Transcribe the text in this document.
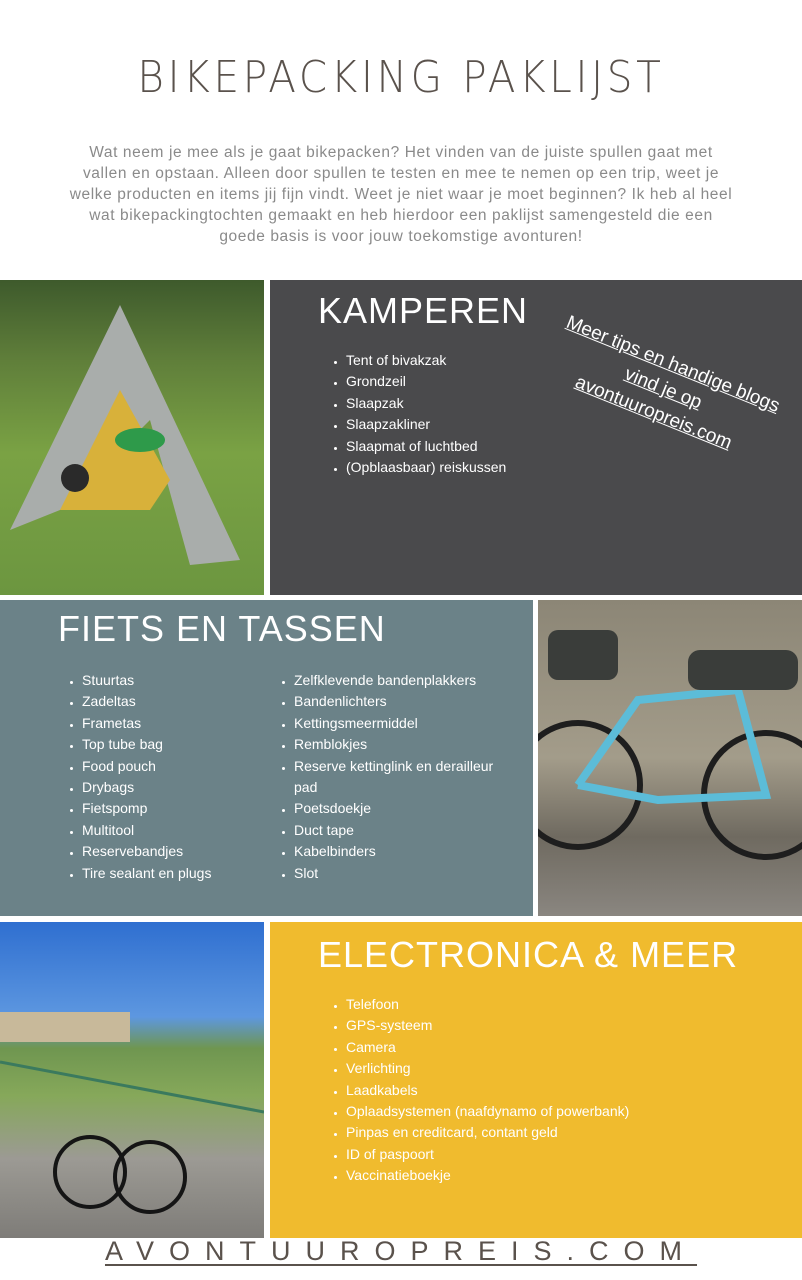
BIKEPACKING PAKLIJST

Wat neem je mee als je gaat bikepacken? Het vinden van de juiste spullen gaat met vallen en opstaan. Alleen door spullen te testen en mee te nemen op een trip, weet je welke producten en items jij fijn vindt. Weet je niet waar je moet beginnen? Ik heb al heel wat bikepackingtochten gemaakt en heb hierdoor een paklijst samengesteld die een goede basis is voor jouw toekomstige avonturen!

KAMPEREN
• Tent of bivakzak
• Grondzeil
• Slaapzak
• Slaapzakliner
• Slaapmat of luchtbed
• (Opblaasbaar) reiskussen
Meer tips en handige blogs vind je op avontuuropreis.com
FIETS EN TASSEN
• Stuurtas
• Zadeltas
• Frametas
• Top tube bag
• Food pouch
• Drybags
• Fietspomp
• Multitool
• Reservebandjes
• Tire sealant en plugs
• Zelfklevende bandenplakkers
• Bandenlichters
• Kettingsmeermiddel
• Remblokjes
• Reserve kettinglink en derailleur pad
• Poetsdoekje
• Duct tape
• Kabelbinders
• Slot
ELECTRONICA & MEER
• Telefoon
• GPS-systeem
• Camera
• Verlichting
• Laadkabels
• Oplaadsystemen (naafdynamo of powerbank)
• Pinpas en creditcard, contant geld
• ID of paspoort
• Vaccinatieboekje
AVONTUUROPREIS.COM
